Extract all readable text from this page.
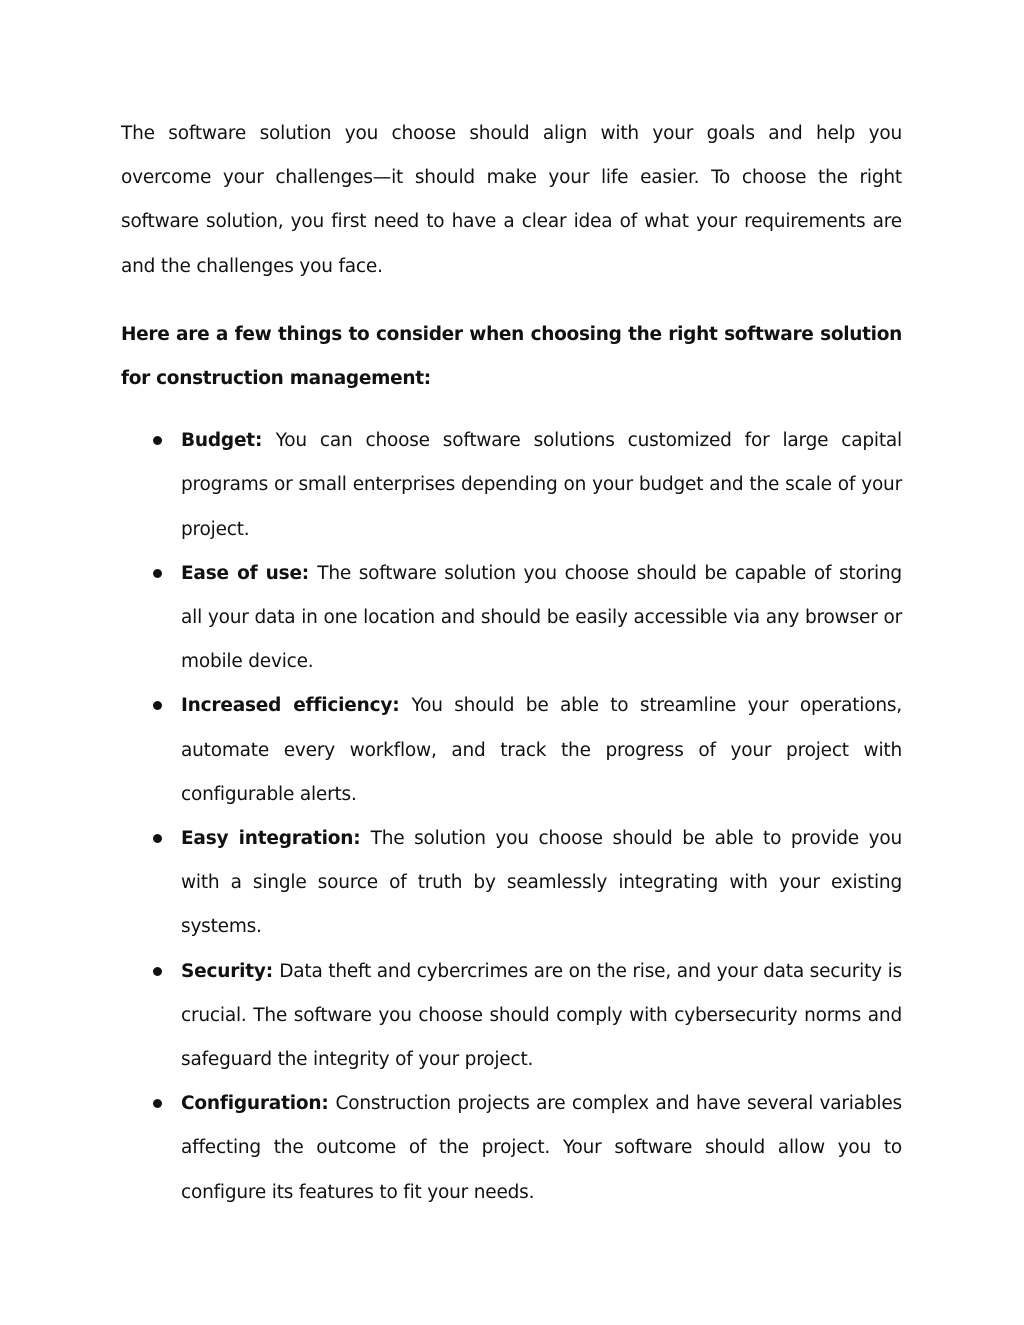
The software solution you choose should align with your goals and help you overcome your challenges—it should make your life easier. To choose the right software solution, you first need to have a clear idea of what your requirements are and the challenges you face.

Here are a few things to consider when choosing the right software solution for construction management:

Budget: You can choose software solutions customized for large capital programs or small enterprises depending on your budget and the scale of your project.
Ease of use: The software solution you choose should be capable of storing all your data in one location and should be easily accessible via any browser or mobile device.
Increased efficiency: You should be able to streamline your operations, automate every workflow, and track the progress of your project with configurable alerts.
Easy integration: The solution you choose should be able to provide you with a single source of truth by seamlessly integrating with your existing systems.
Security: Data theft and cybercrimes are on the rise, and your data security is crucial. The software you choose should comply with cybersecurity norms and safeguard the integrity of your project.
Configuration: Construction projects are complex and have several variables affecting the outcome of the project. Your software should allow you to configure its features to fit your needs.
